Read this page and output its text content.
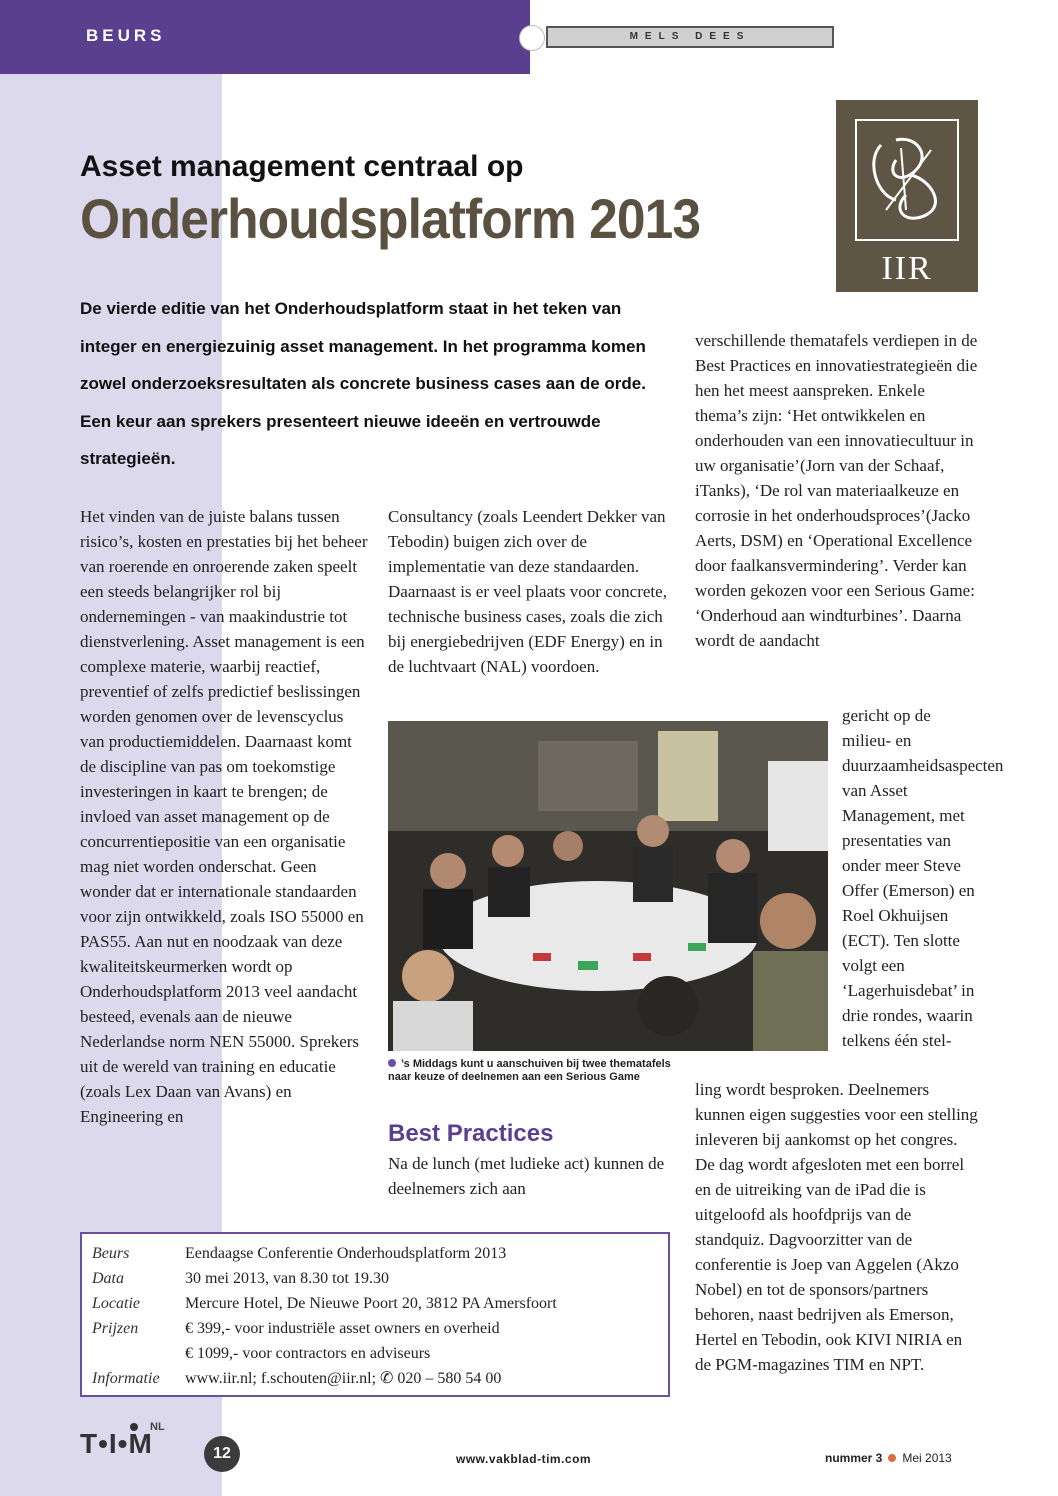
BEURS	MELS DEES
Asset management centraal op
Onderhoudsplatform 2013
IIR
De vierde editie van het Onderhoudsplatform staat in het teken van integer en energiezuinig asset management. In het programma komen zowel onderzoeksresultaten als concrete business cases aan de orde. Een keur aan sprekers presenteert nieuwe ideeën en vertrouwde strategieën.
Het vinden van de juiste balans tussen risico’s, kosten en prestaties bij het beheer van roerende en onroerende zaken speelt een steeds belangrijker rol bij ondernemingen - van maakindustrie tot dienstverlening. Asset management is een complexe materie, waarbij reactief, preventief of zelfs predictief beslissingen worden genomen over de levenscyclus van productiemiddelen. Daarnaast komt de discipline van pas om toekomstige investeringen in kaart te brengen; de invloed van asset management op de concurrentiepositie van een organisatie mag niet worden onderschat. Geen wonder dat er internationale standaarden voor zijn ontwikkeld, zoals ISO 55000 en PAS55. Aan nut en noodzaak van deze kwaliteitskeurmerken wordt op Onderhoudsplatform 2013 veel aandacht besteed, evenals aan de nieuwe Nederlandse norm NEN 55000. Sprekers uit de wereld van training en educatie (zoals Lex Daan van Avans) en Engineering en
Consultancy (zoals Leendert Dekker van Tebodin) buigen zich over de implementatie van deze standaarden. Daarnaast is er veel plaats voor concrete, technische business cases, zoals die zich bij energiebedrijven (EDF Energy) en in de luchtvaart (NAL) voordoen.
’s Middags kunt u aanschuiven bij twee thematafels naar keuze of deelnemen aan een Serious Game
Best Practices
Na de lunch (met ludieke act) kunnen de deelnemers zich aan
verschillende thematafels verdiepen in de Best Practices en innovatiestrategieën die hen het meest aanspreken. Enkele thema’s zijn: ‘Het ontwikkelen en onderhouden van een innovatiecultuur in uw organisatie’(Jorn van der Schaaf, iTanks), ‘De rol van materiaalkeuze en corrosie in het onderhoudsproces’(Jacko Aerts, DSM) en ‘Operational Excellence door faalkansvermindering’. Verder kan worden gekozen voor een Serious Game: ‘Onderhoud aan windturbines’. Daarna wordt de aandacht
gericht op de milieu- en duurzaamheidsaspecten van Asset Management, met presentaties van onder meer Steve Offer (Emerson) en Roel Okhuijsen (ECT). Ten slotte volgt een ‘Lagerhuisdebat’ in drie rondes, waarin telkens één stel-
ling wordt besproken. Deelnemers kunnen eigen suggesties voor een stelling inleveren bij aankomst op het congres. De dag wordt afgesloten met een borrel en de uitreiking van de iPad die is uitgeloofd als hoofdprijs van de standquiz. Dagvoorzitter van de conferentie is Joep van Aggelen (Akzo Nobel) en tot de sponsors/partners behoren, naast bedrijven als Emerson, Hertel en Tebodin, ook KIVI NIRIA en de PGM-magazines TIM en NPT.
Beurs	Eendaagse Conferentie Onderhoudsplatform 2013
Data	30 mei 2013, van 8.30 tot 19.30
Locatie	Mercure Hotel, De Nieuwe Poort 20, 3812 PA Amersfoort
Prijzen	€ 399,- voor industriële asset owners en overheid
€ 1099,- voor contractors en adviseurs
Informatie	www.iir.nl; f.schouten@iir.nl; ✆ 020 – 580 54 00
NL
T•I•M	12	www.vakblad-tim.com	nummer 3 Mei 2013
